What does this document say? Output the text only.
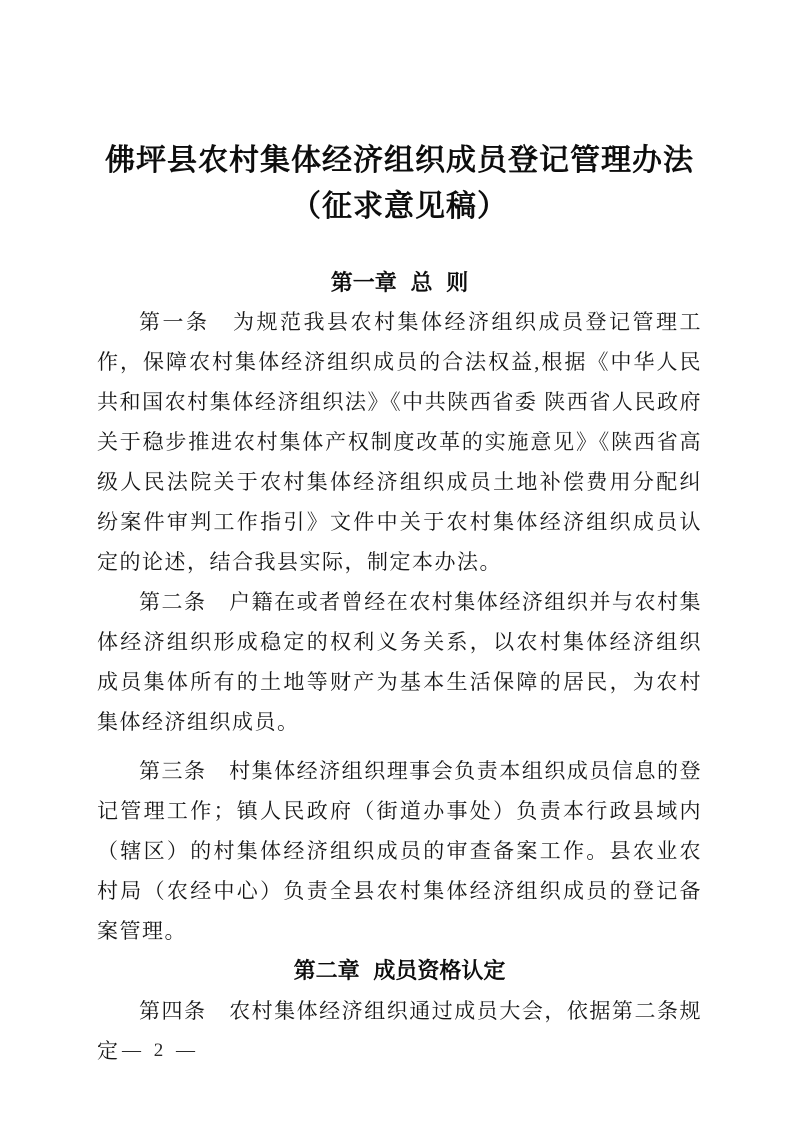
佛坪县农村集体经济组织成员登记管理办法
（征求意见稿）
第一章 总 则

第一条　为规范我县农村集体经济组织成员登记管理工作，保障农村集体经济组织成员的合法权益,根据《中华人民共和国农村集体经济组织法》《中共陕西省委 陕西省人民政府关于稳步推进农村集体产权制度改革的实施意见》《陕西省高级人民法院关于农村集体经济组织成员土地补偿费用分配纠纷案件审判工作指引》文件中关于农村集体经济组织成员认定的论述，结合我县实际，制定本办法。

第二条　户籍在或者曾经在农村集体经济组织并与农村集体经济组织形成稳定的权利义务关系，以农村集体经济组织成员集体所有的土地等财产为基本生活保障的居民，为农村集体经济组织成员。

第三条　村集体经济组织理事会负责本组织成员信息的登记管理工作；镇人民政府（街道办事处）负责本行政县域内（辖区）的村集体经济组织成员的审查备案工作。县农业农村局（农经中心）负责全县农村集体经济组织成员的登记备案管理。

第二章 成员资格认定

第四条　农村集体经济组织通过成员大会，依据第二条规定 — 2 —
